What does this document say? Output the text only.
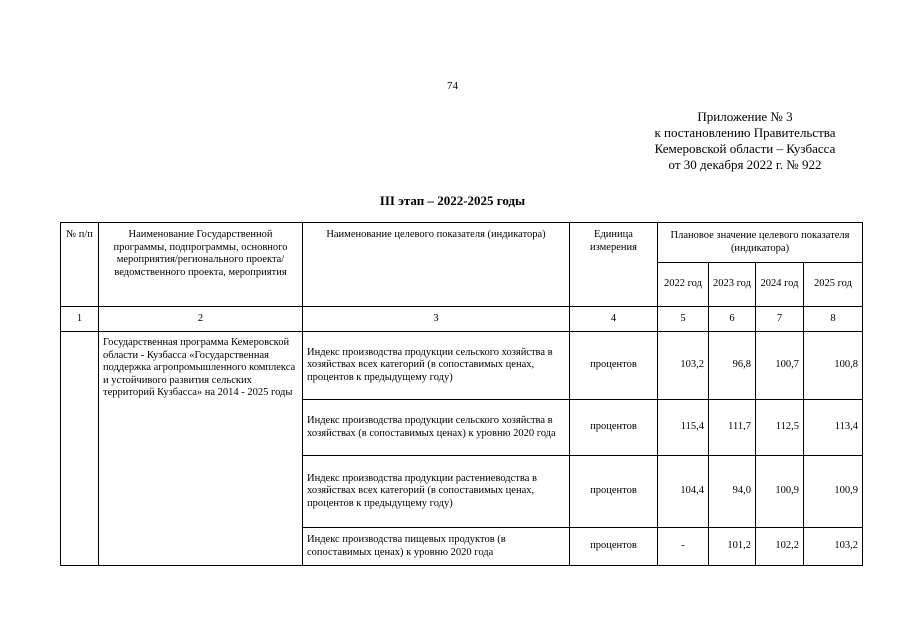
74
Приложение № 3
к постановлению Правительства
Кемеровской области – Кузбасса
от 30 декабря 2022 г. № 922
III этап – 2022-2025 годы
№ п/п	Наименование Государственной программы, подпрограммы, основного мероприятия/регионального проекта/ведомственного проекта, мероприятия	Наименование целевого показателя (индикатора)	Единица измерения	Плановое значение целевого показателя (индикатора)			
				2022 год	2023 год	2024 год	2025 год
1	2	3	4	5	6	7	8
	Государственная программа Кемеровской области - Кузбасса «Государственная поддержка агропромышленного комплекса и устойчивого развития сельских территорий Кузбасса» на 2014 - 2025 годы	Индекс производства продукции сельского хозяйства в хозяйствах всех категорий (в сопоставимых ценах, процентов к предыдущему году)	процентов	103,2	96,8	100,7	100,8
		Индекс производства продукции сельского хозяйства в хозяйствах (в сопоставимых ценах) к уровню 2020 года	процентов	115,4	111,7	112,5	113,4
		Индекс производства продукции растениеводства в хозяйствах всех категорий (в сопоставимых ценах, процентов к предыдущему году)	процентов	104,4	94,0	100,9	100,9
		Индекс производства пищевых продуктов (в сопоставимых ценах) к уровню 2020 года	процентов	-	101,2	102,2	103,2
